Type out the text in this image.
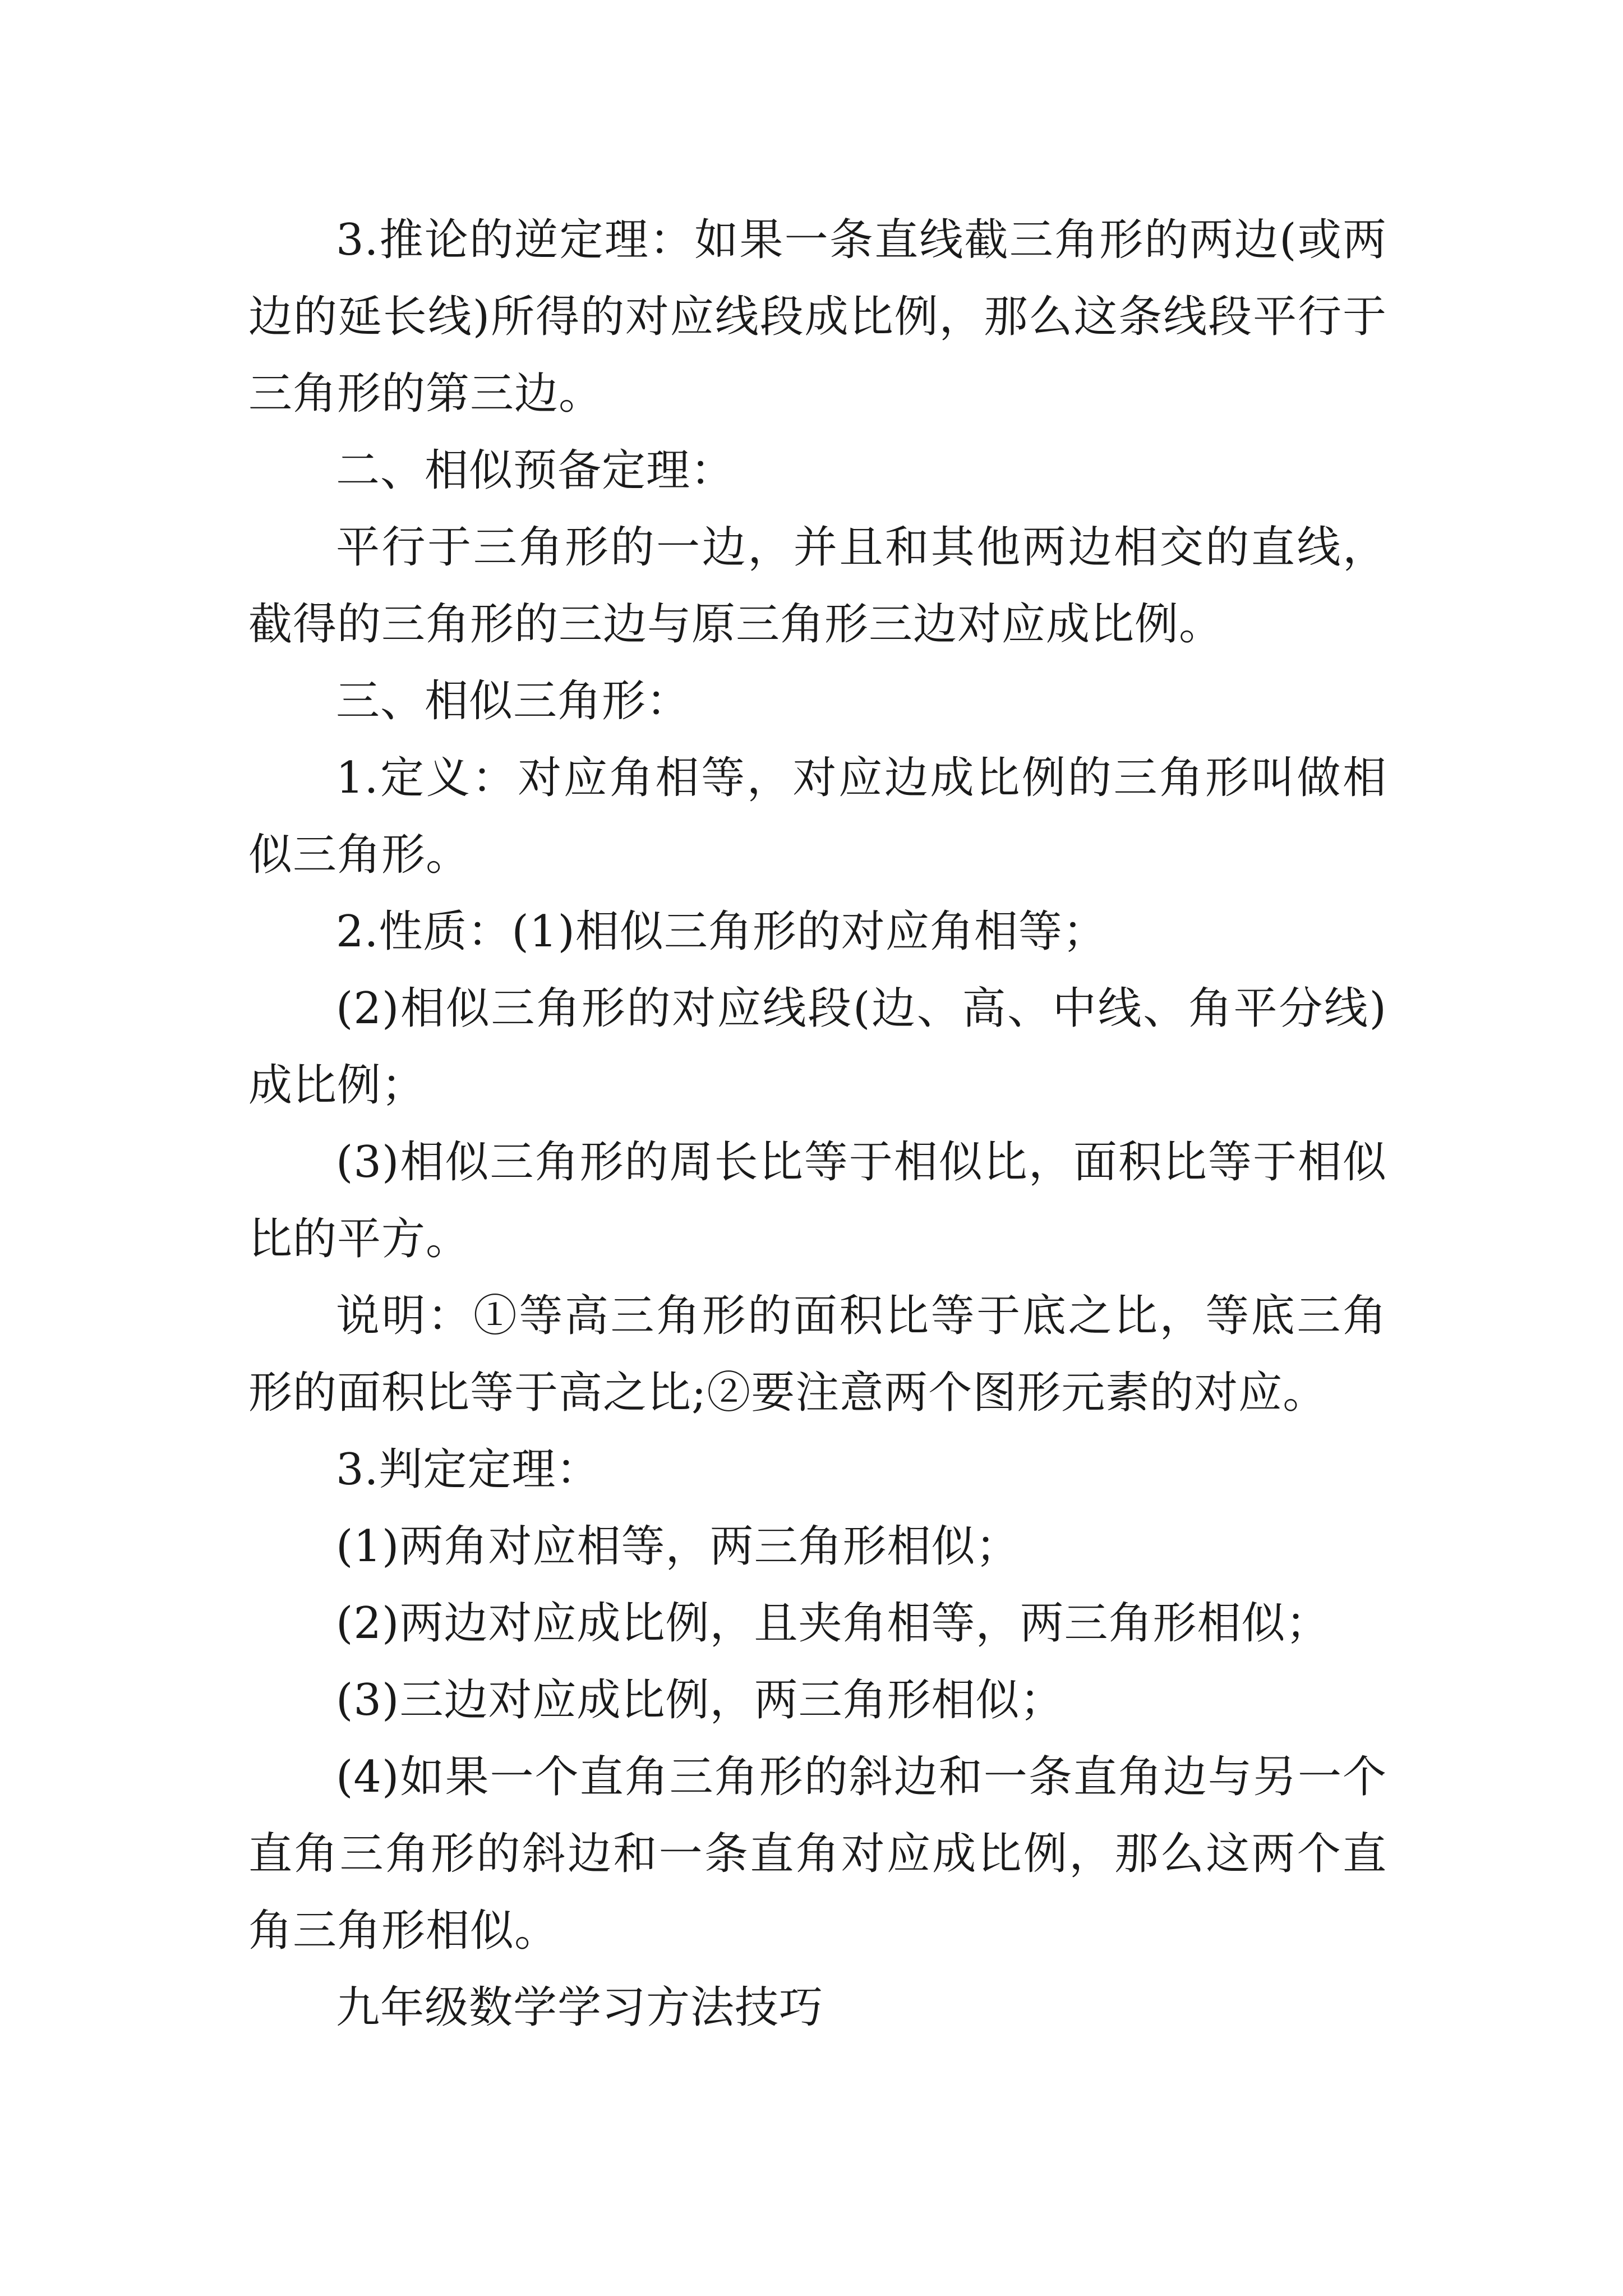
3.推论的逆定理：如果一条直线截三角形的两边(或两边的延长线)所得的对应线段成比例，那么这条线段平行于三角形的第三边。

二、相似预备定理：

平行于三角形的一边，并且和其他两边相交的直线，截得的三角形的三边与原三角形三边对应成比例。

三、相似三角形：

1.定义：对应角相等，对应边成比例的三角形叫做相似三角形。

2.性质：(1)相似三角形的对应角相等；

(2)相似三角形的对应线段(边、高、中线、角平分线)成比例；

(3)相似三角形的周长比等于相似比，面积比等于相似比的平方。

说明：①等高三角形的面积比等于底之比，等底三角形的面积比等于高之比;②要注意两个图形元素的对应。

3.判定定理：

(1)两角对应相等，两三角形相似；

(2)两边对应成比例，且夹角相等，两三角形相似；

(3)三边对应成比例，两三角形相似；

(4)如果一个直角三角形的斜边和一条直角边与另一个直角三角形的斜边和一条直角对应成比例，那么这两个直角三角形相似。

九年级数学学习方法技巧
